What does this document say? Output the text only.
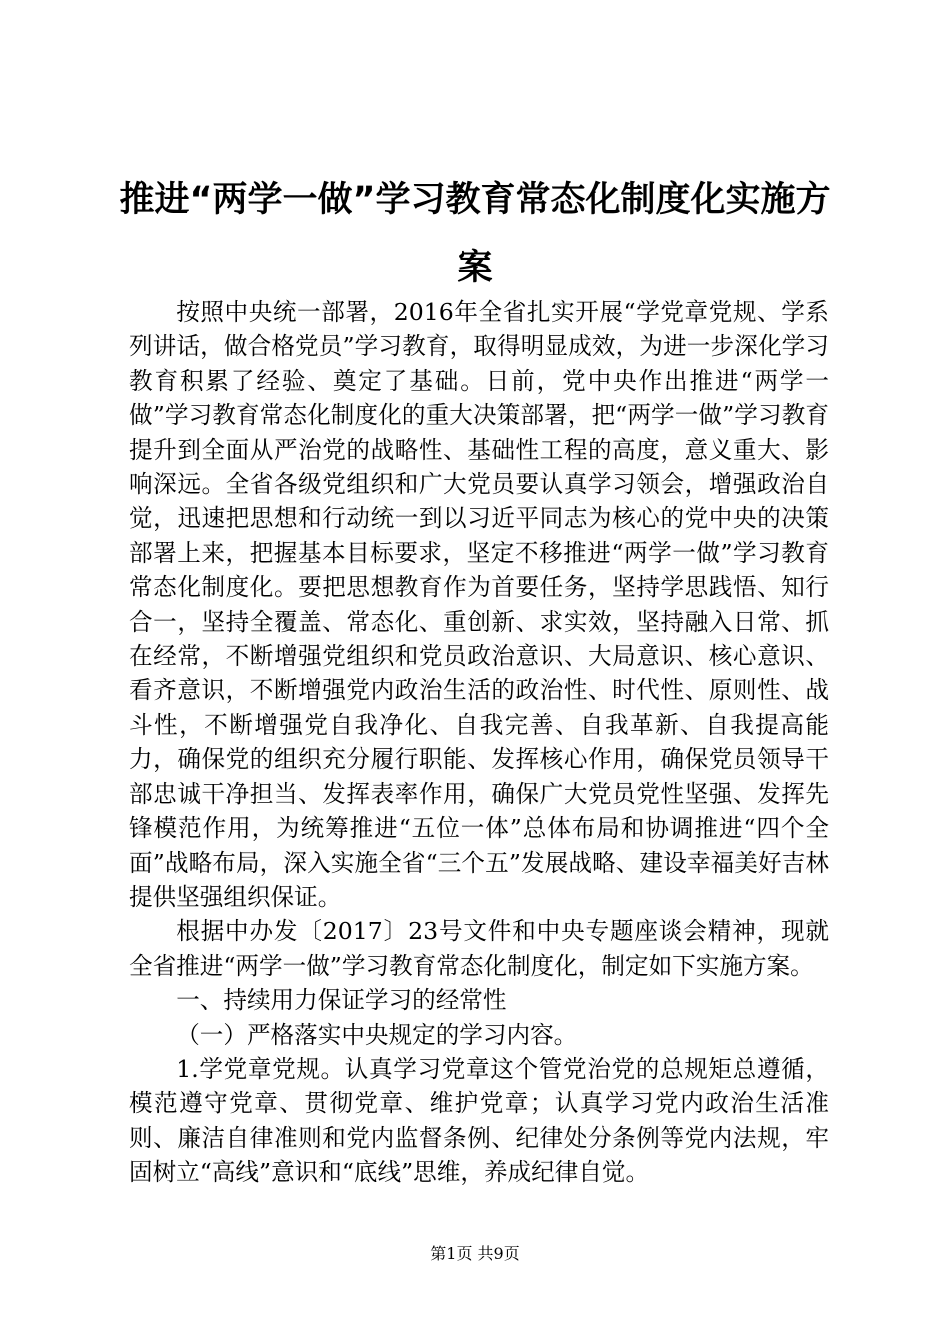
推进“两学一做”学习教育常态化制度化实施方案

按照中央统一部署，2016年全省扎实开展“学党章党规、学系列讲话，做合格党员”学习教育，取得明显成效，为进一步深化学习教育积累了经验、奠定了基础。日前，党中央作出推进“两学一做”学习教育常态化制度化的重大决策部署，把“两学一做”学习教育提升到全面从严治党的战略性、基础性工程的高度，意义重大、影响深远。全省各级党组织和广大党员要认真学习领会，增强政治自觉，迅速把思想和行动统一到以习近平同志为核心的党中央的决策部署上来，把握基本目标要求，坚定不移推进“两学一做”学习教育常态化制度化。要把思想教育作为首要任务，坚持学思践悟、知行合一，坚持全覆盖、常态化、重创新、求实效，坚持融入日常、抓在经常，不断增强党组织和党员政治意识、大局意识、核心意识、看齐意识，不断增强党内政治生活的政治性、时代性、原则性、战斗性，不断增强党自我净化、自我完善、自我革新、自我提高能力，确保党的组织充分履行职能、发挥核心作用，确保党员领导干部忠诚干净担当、发挥表率作用，确保广大党员党性坚强、发挥先锋模范作用，为统筹推进“五位一体”总体布局和协调推进“四个全面”战略布局，深入实施全省“三个五”发展战略、建设幸福美好吉林提供坚强组织保证。

根据中办发〔2017〕23号文件和中央专题座谈会精神，现就全省推进“两学一做”学习教育常态化制度化，制定如下实施方案。

一、持续用力保证学习的经常性

（一）严格落实中央规定的学习内容。

1.学党章党规。认真学习党章这个管党治党的总规矩总遵循，模范遵守党章、贯彻党章、维护党章；认真学习党内政治生活准则、廉洁自律准则和党内监督条例、纪律处分条例等党内法规，牢固树立“高线”意识和“底线”思维，养成纪律自觉。

第1页 共9页
